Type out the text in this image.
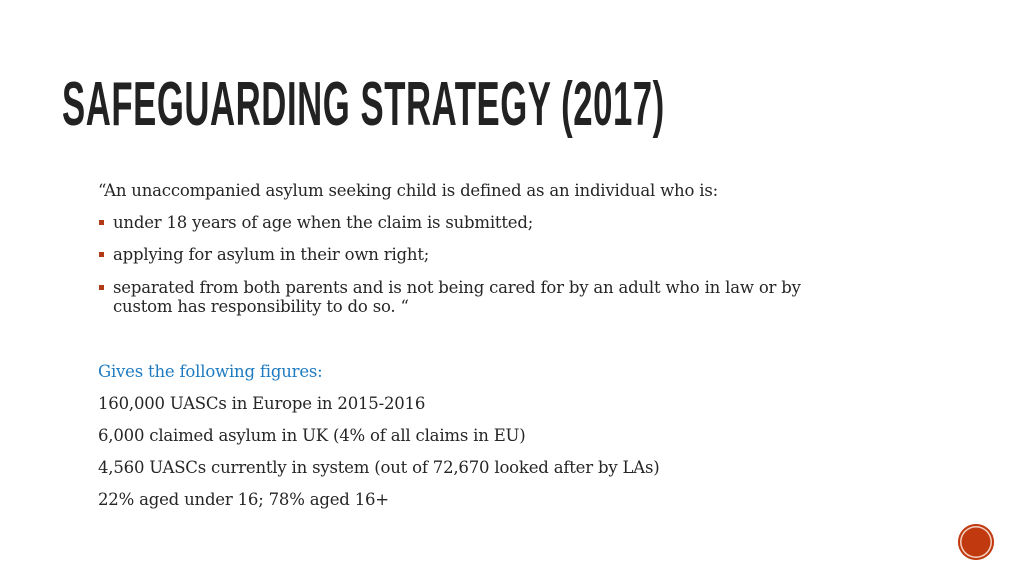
SAFEGUARDING STRATEGY (2017)
“An unaccompanied asylum seeking child is defined as an individual who is:
under 18 years of age when the claim is submitted;
applying for asylum in their own right;
separated from both parents and is not being cared for by an adult who in law or by
custom has responsibility to do so. “
Gives the following figures:
160,000 UASCs in Europe in 2015-2016
6,000 claimed asylum in UK (4% of all claims in EU)
4,560 UASCs currently in system (out of 72,670 looked after by LAs)
22% aged under 16; 78% aged 16+
